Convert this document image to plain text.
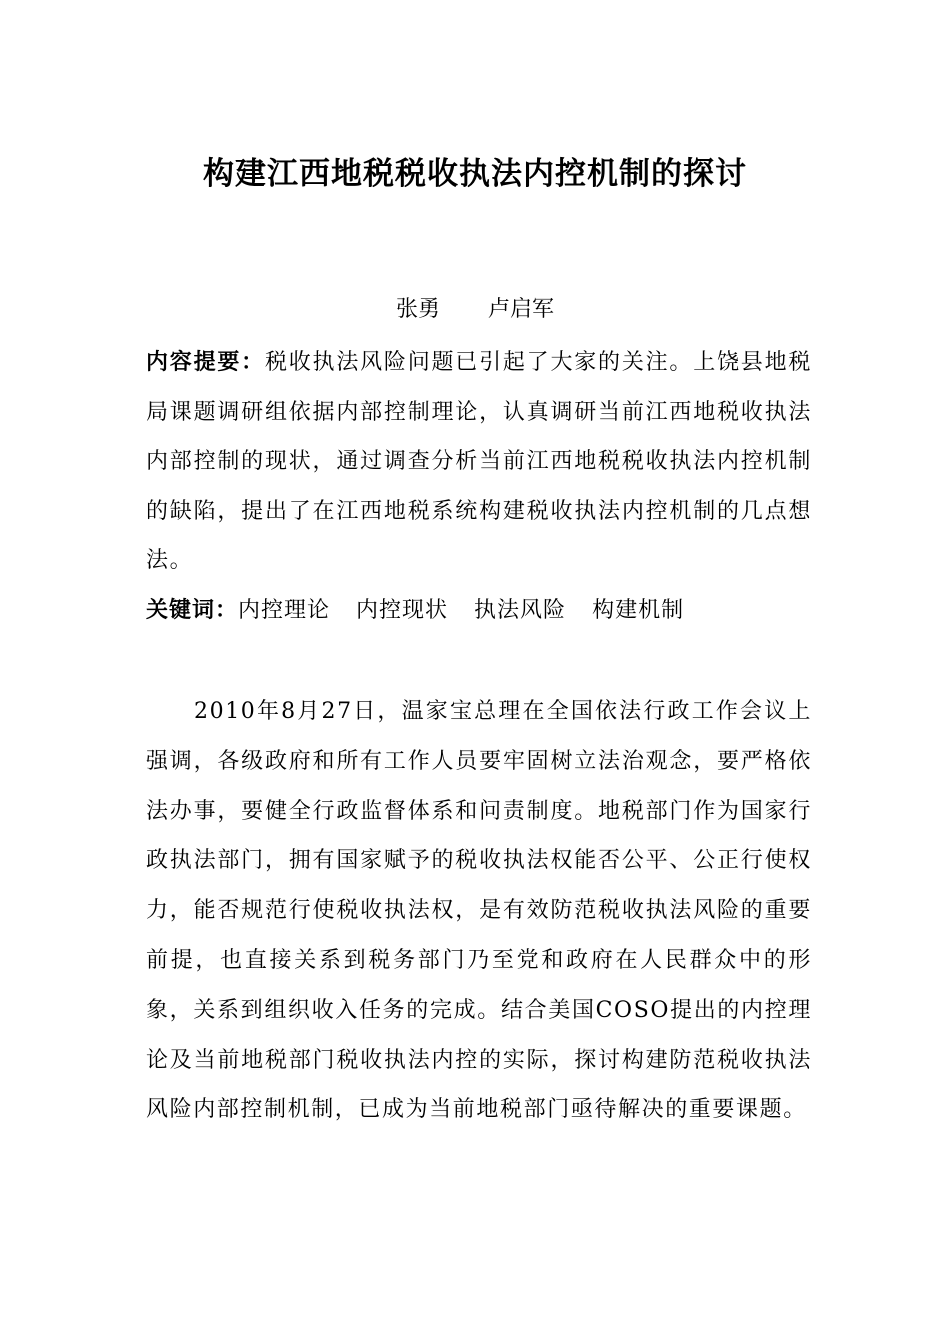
构建江西地税税收执法内控机制的探讨
张勇 卢启军
内容提要：税收执法风险问题已引起了大家的关注。上饶县地税局课题调研组依据内部控制理论，认真调研当前江西地税收执法内部控制的现状，通过调查分析当前江西地税税收执法内控机制的缺陷，提出了在江西地税系统构建税收执法内控机制的几点想法。
关键词：内控理论 内控现状 执法风险 构建机制
2010年8月27日，温家宝总理在全国依法行政工作会议上强调，各级政府和所有工作人员要牢固树立法治观念，要严格依法办事，要健全行政监督体系和问责制度。地税部门作为国家行政执法部门，拥有国家赋予的税收执法权能否公平、公正行使权力，能否规范行使税收执法权，是有效防范税收执法风险的重要前提，也直接关系到税务部门乃至党和政府在人民群众中的形象，关系到组织收入任务的完成。结合美国COSO提出的内控理论及当前地税部门税收执法内控的实际，探讨构建防范税收执法风险内部控制机制，已成为当前地税部门亟待解决的重要课题。
